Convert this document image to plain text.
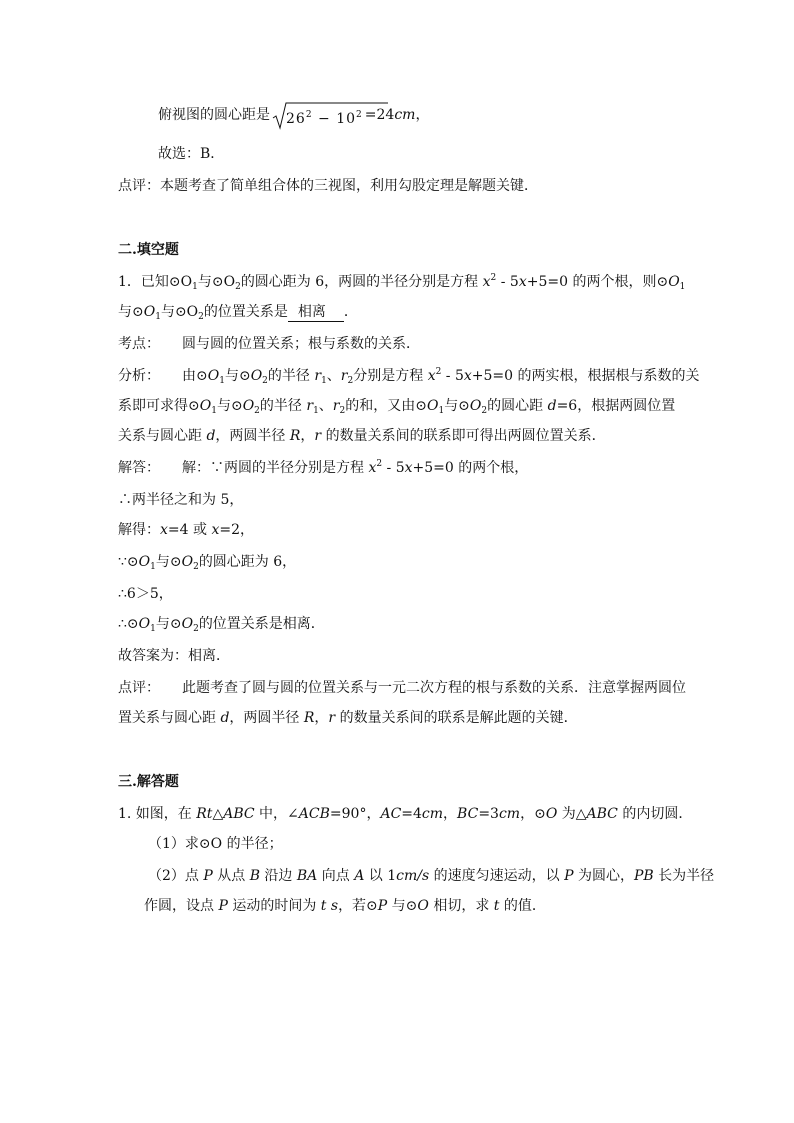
俯视图的圆心距是 $26^2 - 10^2 =24cm$，
故选：B．
点评：本题考查了简单组合体的三视图，利用勾股定理是解题关键．
二.填空题
1．已知$⊙O_1$与$⊙O_2$的圆心距为 6，两圆的半径分别是方程 $x^2 - 5x+5=0$ 的两个根，则$⊙O_1$
与$⊙O_1$与$⊙O_2$的位置关系是 相离 ．
考点： 圆与圆的位置关系；根与系数的关系．
分析： 由$⊙O_1$与$⊙O_2$的半径 $r_1$、$r_2$分别是方程 $x^2 - 5x+5=0$ 的两实根，根据根与系数的关
系即可求得$⊙O_1$与$⊙O_2$的半径 $r_1$、$r_2$的和，又由$⊙O_1$与$⊙O_2$的圆心距 d=6，根据两圆位置
关系与圆心距 d，两圆半径 R，r 的数量关系间的联系即可得出两圆位置关系．
解答： 解：∵两圆的半径分别是方程 $x^2 - 5x+5=0$ 的两个根，
∴两半径之和为 5，
解得：x=4 或 x=2，
$\because⊙O_1$与$⊙O_2$的圆心距为 6，
∴6＞5，
$\therefore⊙O_1$与$⊙O_2$的位置关系是相离．
故答案为：相离．
点评： 此题考查了圆与圆的位置关系与一元二次方程的根与系数的关系．注意掌握两圆位
置关系与圆心距 d，两圆半径 R，r 的数量关系间的联系是解此题的关键．
三.解答题
1. 如图，在 Rt△ABC 中，∠ACB=90°，AC=4cm，BC=3cm，⊙O 为△ABC 的内切圆．
（1）求⊙O 的半径；
（2）点 P 从点 B 沿边 BA 向点 A 以 1cm/s 的速度匀速运动，以 P 为圆心，PB 长为半径
作圆，设点 P 运动的时间为 t s，若⊙P 与⊙O 相切，求 t 的值．
